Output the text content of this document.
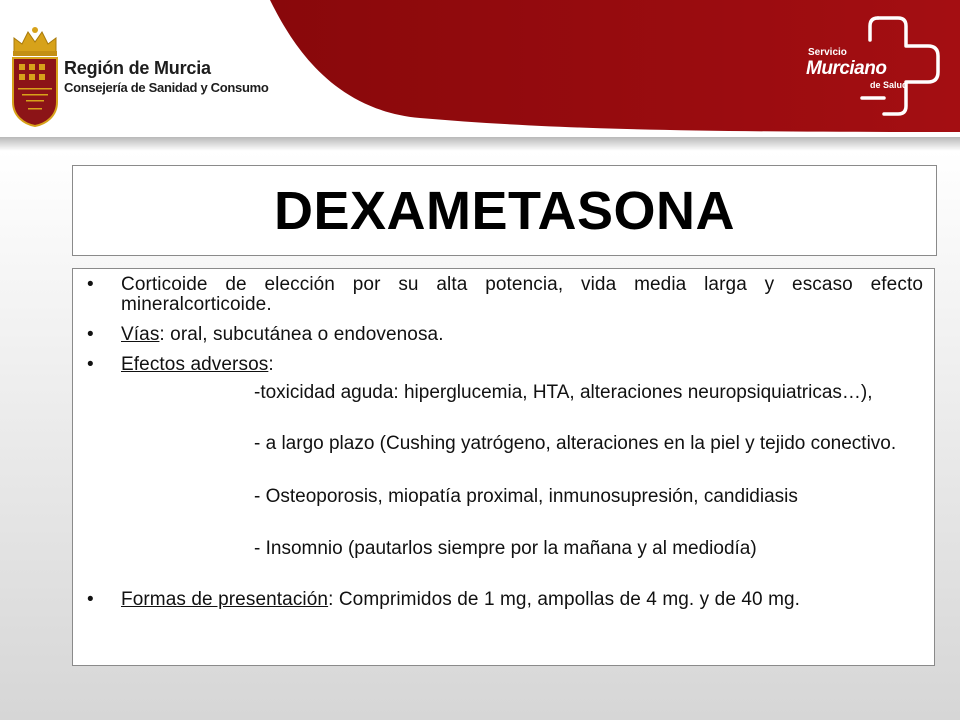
Región de Murcia
Consejería de Sanidad y Consumo
Servicio
Murciano
de Salud
DEXAMETASONA
• Corticoide de elección por su alta potencia, vida media larga y escaso efecto mineralcorticoide.
• Vías: oral, subcutánea o endovenosa.
• Efectos adversos:
-toxicidad aguda: hiperglucemia, HTA, alteraciones neuropsiquiatricas…),
- a largo plazo (Cushing yatrógeno, alteraciones en la piel y tejido conectivo.
- Osteoporosis, miopatía proximal, inmunosupresión, candidiasis
- Insomnio (pautarlos siempre por la mañana y al mediodía)
• Formas de presentación: Comprimidos de 1 mg, ampollas de 4 mg. y de 40 mg.
